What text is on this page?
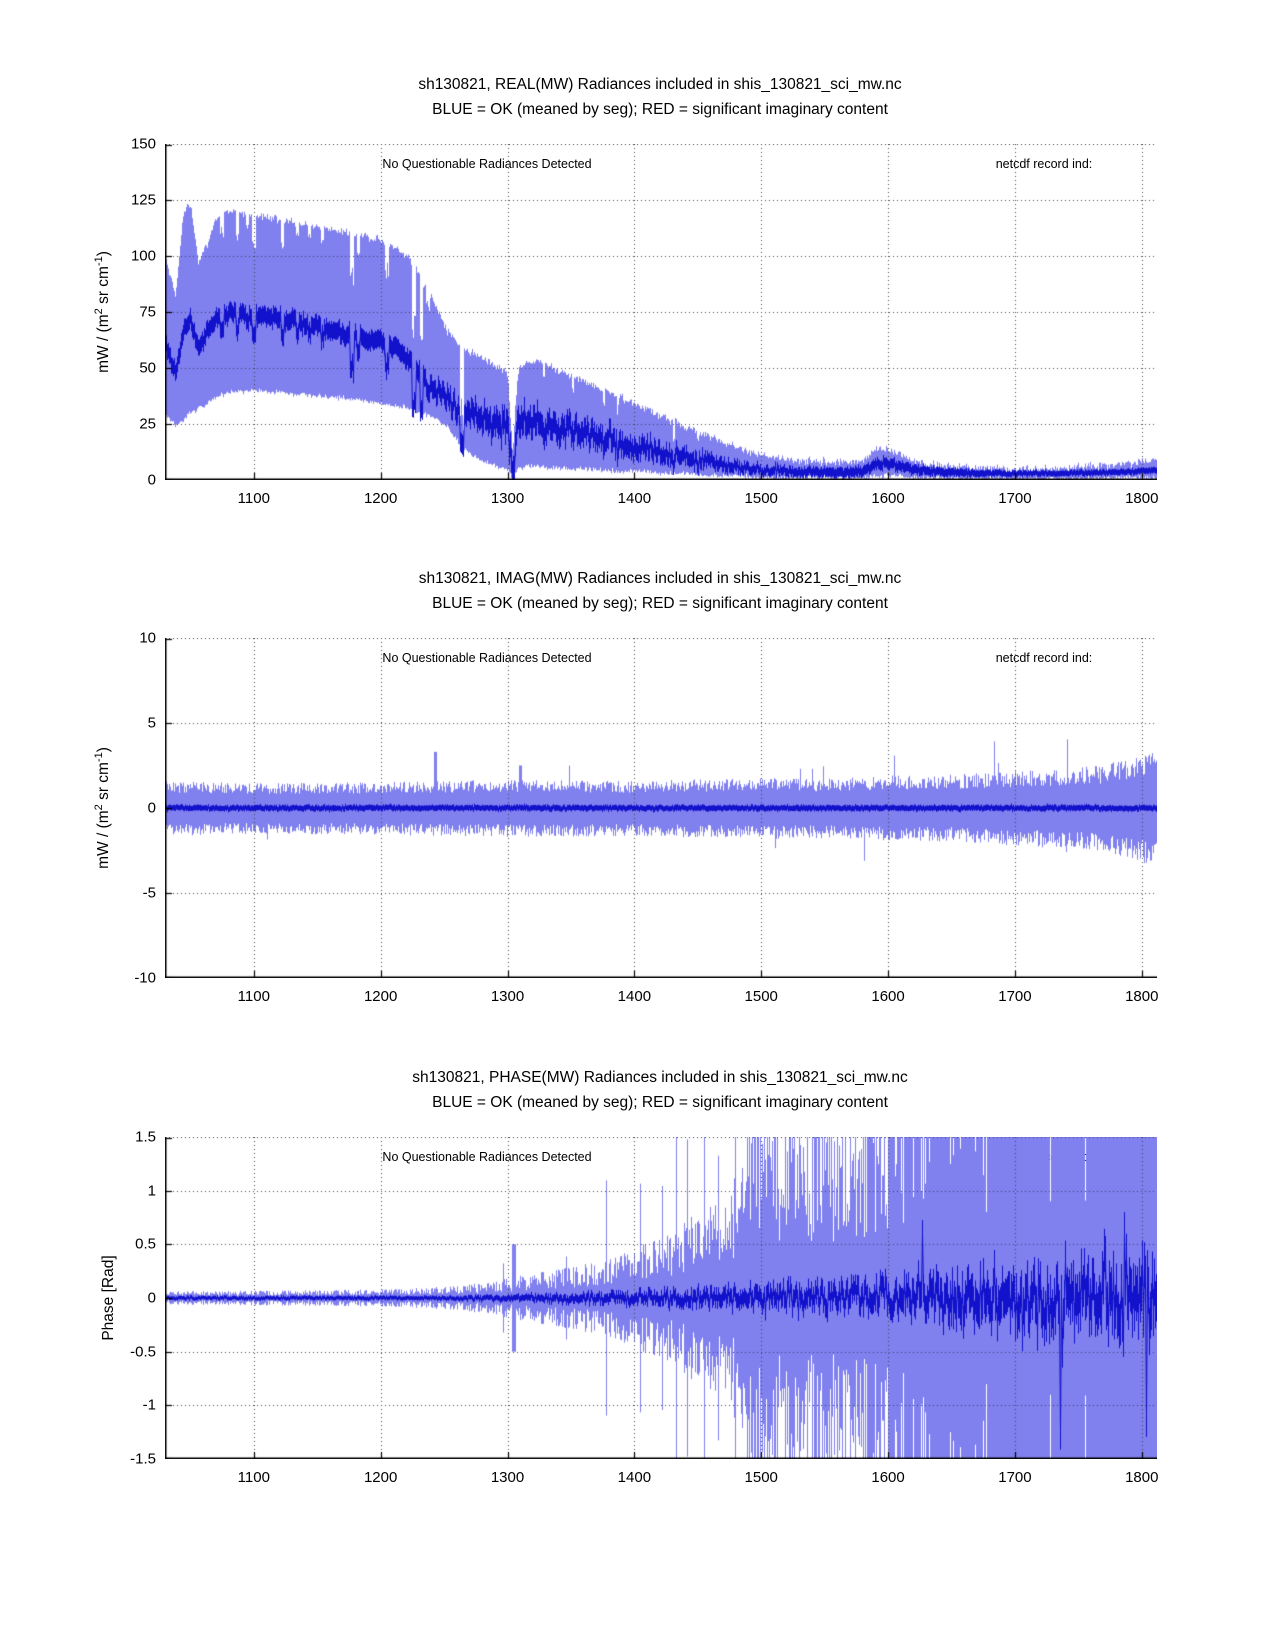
sh130821, REAL(MW) Radiances included in shis_130821_sci_mw.nc
BLUE = OK (meaned by seg); RED = significant imaginary content
mW / ($m^2$ sr $cm^{-1}$)
1100	1200	1300	1400	1500	1600	1700	1800
0
25
50
75
100
125
150
sh130821, IMAG(MW) Radiances included in shis_130821_sci_mw.nc
BLUE = OK (meaned by seg); RED = significant imaginary content
mW / ($m^2$ sr $cm^{-1}$)
1100	1200	1300	1400	1500	1600	1700	1800
-10
-5
0
5
10
sh130821, PHASE(MW) Radiances included in shis_130821_sci_mw.nc
BLUE = OK (meaned by seg); RED = significant imaginary content
Phase [Rad]
1100	1200	1300	1400	1500	1600	1700	1800
-1.5
-1
-0.5
0
0.5
1
1.5
